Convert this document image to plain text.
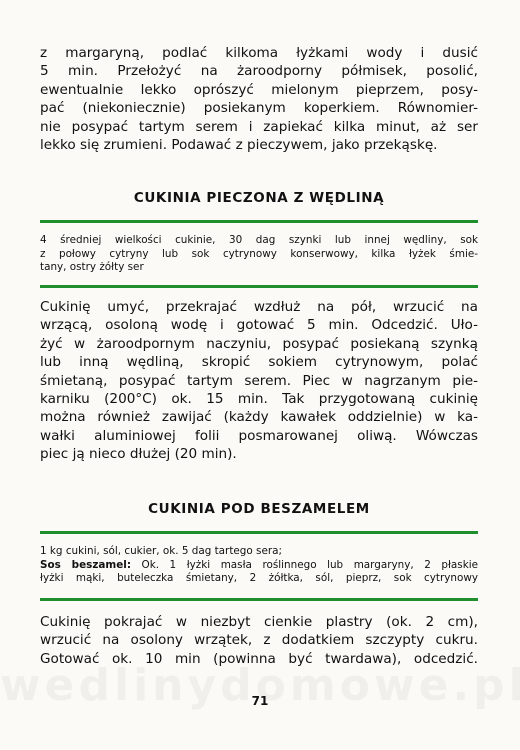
z margaryną, podlać kilkoma łyżkami wody i dusić
5 min. Przełożyć na żaroodporny półmisek, posolić,
ewentualnie lekko oprószyć mielonym pieprzem, posy-
pać (niekoniecznie) posiekanym koperkiem. Równomier-
nie posypać tartym serem i zapiekać kilka minut, aż ser
lekko się zrumieni. Podawać z pieczywem, jako przekąskę.

CUKINIA PIECZONA Z WĘDLINĄ

4 średniej wielkości cukinie, 30 dag szynki lub innej wędliny, sok
z połowy cytryny lub sok cytrynowy konserwowy, kilka łyżek śmie-
tany, ostry żółty ser

Cukinię umyć, przekrajać wzdłuż na pół, wrzucić na
wrzącą, osoloną wodę i gotować 5 min. Odcedzić. Uło-
żyć w żaroodpornym naczyniu, posypać posiekaną szynką
lub inną wędliną, skropić sokiem cytrynowym, polać
śmietaną, posypać tartym serem. Piec w nagrzanym pie-
karniku (200°C) ok. 15 min. Tak przygotowaną cukinię
można również zawijać (każdy kawałek oddzielnie) w ka-
wałki aluminiowej folii posmarowanej oliwą. Wówczas
piec ją nieco dłużej (20 min).

CUKINIA POD BESZAMELEM

1 kg cukini, sól, cukier, ok. 5 dag tartego sera;
Sos beszamel: Ok. 1 łyżki masła roślinnego lub margaryny, 2 płaskie
łyżki mąki, buteleczka śmietany, 2 żółtka, sól, pieprz, sok cytrynowy

Cukinię pokrajać w niezbyt cienkie plastry (ok. 2 cm),
wrzucić na osolony wrzątek, z dodatkiem szczypty cukru.
Gotować ok. 10 min (powinna być twardawa), odcedzić.

71
